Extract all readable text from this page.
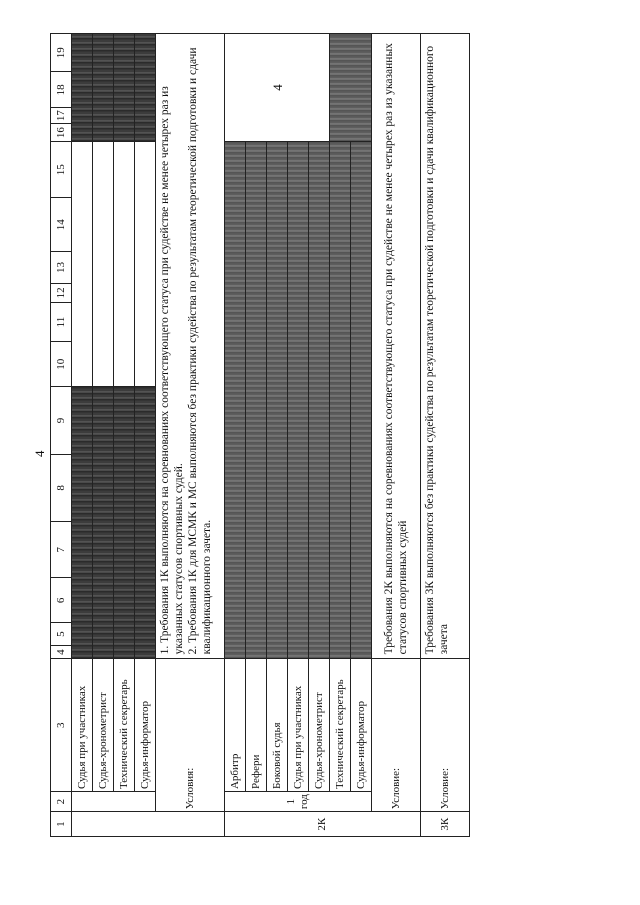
4
1	2	3	4	5	6	7	8	9	10	11	12	13	14	15	16	17	18	19
		Судья при участниках																
		Судья-хронометрист																
		Технический секретарь																
		Судья-информатор																
	Условия:		1. Требования 1К выполняются на соревнованиях соответствующего статуса при судействе не менее четырех раз из указанных статусов спортивных судей. 2. Требования 1К для МСМК и МС выполняются без практики судейства по результатам теоретической подготовки и сдачи квалификационного зачета.															

2К	1 год	Арбитр													4			
		Рефери																
		Боковой судья																
		Судья при участниках																
		Судья-хронометрист																
		Технический секретарь																
		Судья-информатор																
	Условие:		Требования 2К выполняются на соревнованиях соответствующего статуса при судействе не менее четырех раз из указанных статусов спортивных судей															
3К	Условие:		Требования 3К выполняются без практики судейства по результатам теоретической подготовки и сдачи квалификационного зачета															
